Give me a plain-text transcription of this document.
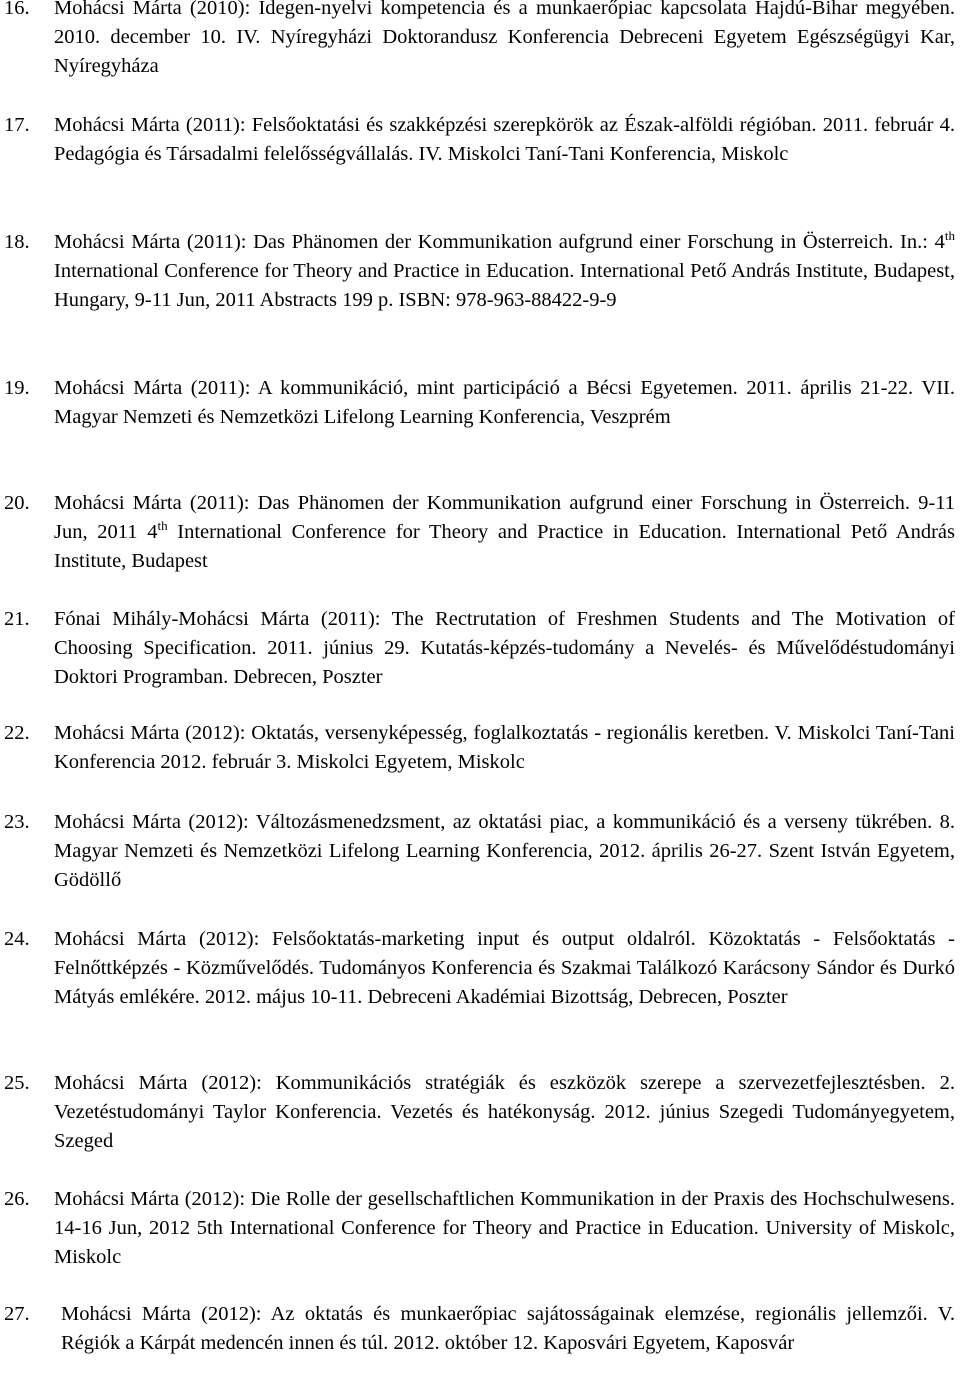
16. Mohácsi Márta (2010): Idegen-nyelvi kompetencia és a munkaerőpiac kapcsolata Hajdú-Bihar megyében. 2010. december 10. IV. Nyíregyházi Doktorandusz Konferencia Debreceni Egyetem Egészségügyi Kar, Nyíregyháza
17. Mohácsi Márta (2011): Felsőoktatási és szakképzési szerepkörök az Észak-alföldi régióban. 2011. február 4. Pedagógia és Társadalmi felelősségvállalás. IV. Miskolci Taní-Tani Konferencia, Miskolc
18. Mohácsi Márta (2011): Das Phänomen der Kommunikation aufgrund einer Forschung in Österreich. In.: 4th International Conference for Theory and Practice in Education. International Pető András Institute, Budapest, Hungary, 9-11 Jun, 2011 Abstracts 199 p. ISBN: 978-963-88422-9-9
19. Mohácsi Márta (2011): A kommunikáció, mint participáció a Bécsi Egyetemen. 2011. április 21-22. VII. Magyar Nemzeti és Nemzetközi Lifelong Learning Konferencia, Veszprém
20. Mohácsi Márta (2011): Das Phänomen der Kommunikation aufgrund einer Forschung in Österreich. 9-11 Jun, 2011 4th International Conference for Theory and Practice in Education. International Pető András Institute, Budapest
21. Fónai Mihály-Mohácsi Márta (2011): The Rectrutation of Freshmen Students and The Motivation of Choosing Specification. 2011. június 29. Kutatás-képzés-tudomány a Nevelés- és Művelődéstudományi Doktori Programban. Debrecen, Poszter
22. Mohácsi Márta (2012): Oktatás, versenyképesség, foglalkoztatás - regionális keretben. V. Miskolci Taní-Tani Konferencia 2012. február 3. Miskolci Egyetem, Miskolc
23. Mohácsi Márta (2012): Változásmenedzsment, az oktatási piac, a kommunikáció és a verseny tükrében. 8. Magyar Nemzeti és Nemzetközi Lifelong Learning Konferencia, 2012. április 26-27. Szent István Egyetem, Gödöllő
24. Mohácsi Márta (2012): Felsőoktatás-marketing input és output oldalról. Közoktatás - Felsőoktatás - Felnőttképzés - Közművelődés. Tudományos Konferencia és Szakmai Találkozó Karácsony Sándor és Durkó Mátyás emlékére. 2012. május 10-11. Debreceni Akadémiai Bizottság, Debrecen, Poszter
25. Mohácsi Márta (2012): Kommunikációs stratégiák és eszközök szerepe a szervezetfejlesztésben. 2. Vezetéstudományi Taylor Konferencia. Vezetés és hatékonyság. 2012. június Szegedi Tudományegyetem, Szeged
26. Mohácsi Márta (2012): Die Rolle der gesellschaftlichen Kommunikation in der Praxis des Hochschulwesens. 14-16 Jun, 2012 5th International Conference for Theory and Practice in Education. University of Miskolc, Miskolc
27. Mohácsi Márta (2012): Az oktatás és munkaerőpiac sajátosságainak elemzése, regionális jellemzői. V. Régiók a Kárpát medencén innen és túl. 2012. október 12. Kaposvári Egyetem, Kaposvár
